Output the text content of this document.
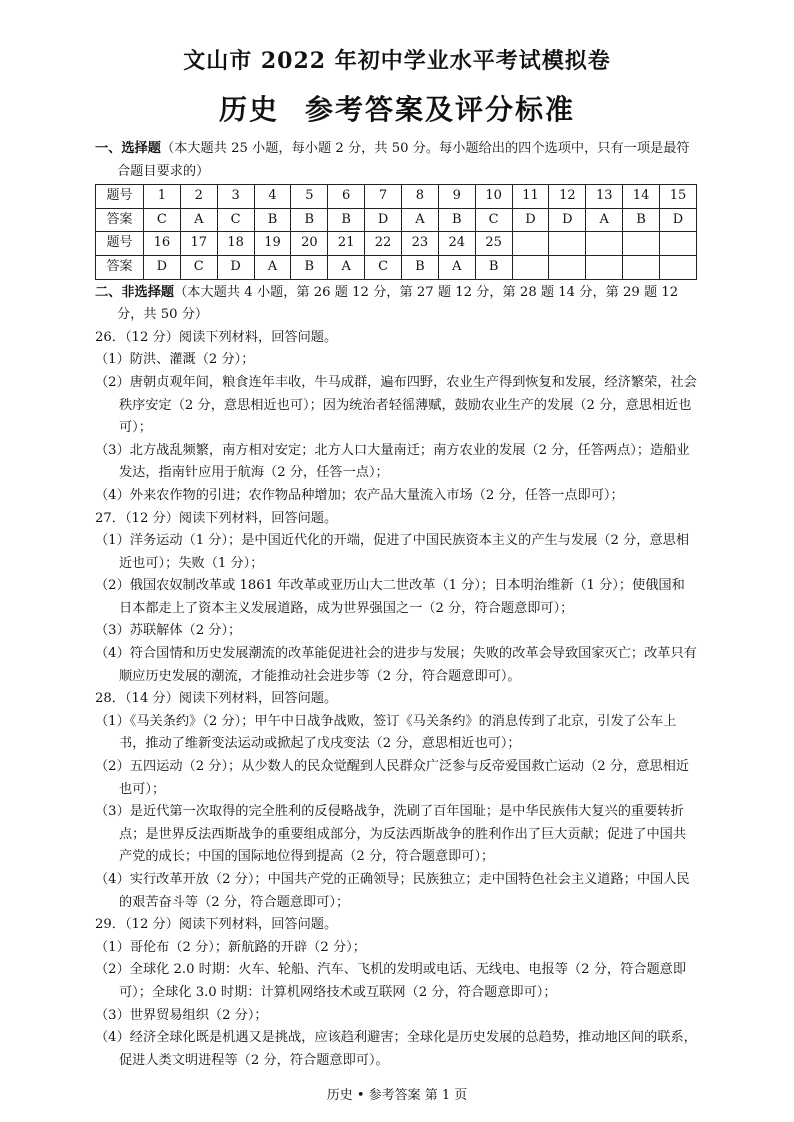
文山市 2022 年初中学业水平考试模拟卷
历史 参考答案及评分标准

一、选择题（本大题共 25 小题，每小题 2 分，共 50 分。每小题给出的四个选项中，只有一项是最符合题目要求的）

题号	1	2	3	4	5	6	7	8	9	10	11	12	13	14	15
答案	C	A	C	B	B	B	D	A	B	C	D	D	A	B	D
题号	16	17	18	19	20	21	22	23	24	25					
答案	D	C	D	A	B	A	C	B	A	B					

二、非选择题（本大题共 4 小题，第 26 题 12 分，第 27 题 12 分，第 28 题 14 分，第 29 题 12 分，共 50 分）

26．（12 分）阅读下列材料，回答问题。

（1）防洪、灌溉（2 分）；

（2）唐朝贞观年间，粮食连年丰收，牛马成群，遍布四野，农业生产得到恢复和发展，经济繁荣，社会秩序安定（2 分，意思相近也可）；因为统治者轻徭薄赋，鼓励农业生产的发展（2 分，意思相近也可）；

（3）北方战乱频繁，南方相对安定；北方人口大量南迁；南方农业的发展（2 分，任答两点）；造船业发达，指南针应用于航海（2 分，任答一点）；

（4）外来农作物的引进；农作物品种增加；农产品大量流入市场（2 分，任答一点即可）；

27．（12 分）阅读下列材料，回答问题。

（1）洋务运动（1 分）；是中国近代化的开端，促进了中国民族资本主义的产生与发展（2 分，意思相近也可）；失败（1 分）；

（2）俄国农奴制改革或 1861 年改革或亚历山大二世改革（1 分）；日本明治维新（1 分）；使俄国和日本都走上了资本主义发展道路，成为世界强国之一（2 分，符合题意即可）；

（3）苏联解体（2 分）；

（4）符合国情和历史发展潮流的改革能促进社会的进步与发展；失败的改革会导致国家灭亡；改革只有顺应历史发展的潮流，才能推动社会进步等（2 分，符合题意即可）。

28．（14 分）阅读下列材料，回答问题。

（1）《马关条约》（2 分）；甲午中日战争战败，签订《马关条约》的消息传到了北京，引发了公车上书，推动了维新变法运动或掀起了戊戌变法（2 分，意思相近也可）；

（2）五四运动（2 分）；从少数人的民众觉醒到人民群众广泛参与反帝爱国救亡运动（2 分，意思相近也可）；

（3）是近代第一次取得的完全胜利的反侵略战争，洗刷了百年国耻；是中华民族伟大复兴的重要转折点；是世界反法西斯战争的重要组成部分，为反法西斯战争的胜利作出了巨大贡献；促进了中国共产党的成长；中国的国际地位得到提高（2 分，符合题意即可）；

（4）实行改革开放（2 分）；中国共产党的正确领导；民族独立；走中国特色社会主义道路；中国人民的艰苦奋斗等（2 分，符合题意即可）；

29．（12 分）阅读下列材料，回答问题。

（1）哥伦布（2 分）；新航路的开辟（2 分）；

（2）全球化 2.0 时期：火车、轮船、汽车、飞机的发明或电话、无线电、电报等（2 分，符合题意即可）；全球化 3.0 时期：计算机网络技术或互联网（2 分，符合题意即可）；

（3）世界贸易组织（2 分）；

（4）经济全球化既是机遇又是挑战，应该趋利避害；全球化是历史发展的总趋势，推动地区间的联系，促进人类文明进程等（2 分，符合题意即可）。

历史 • 参考答案 第 1 页
